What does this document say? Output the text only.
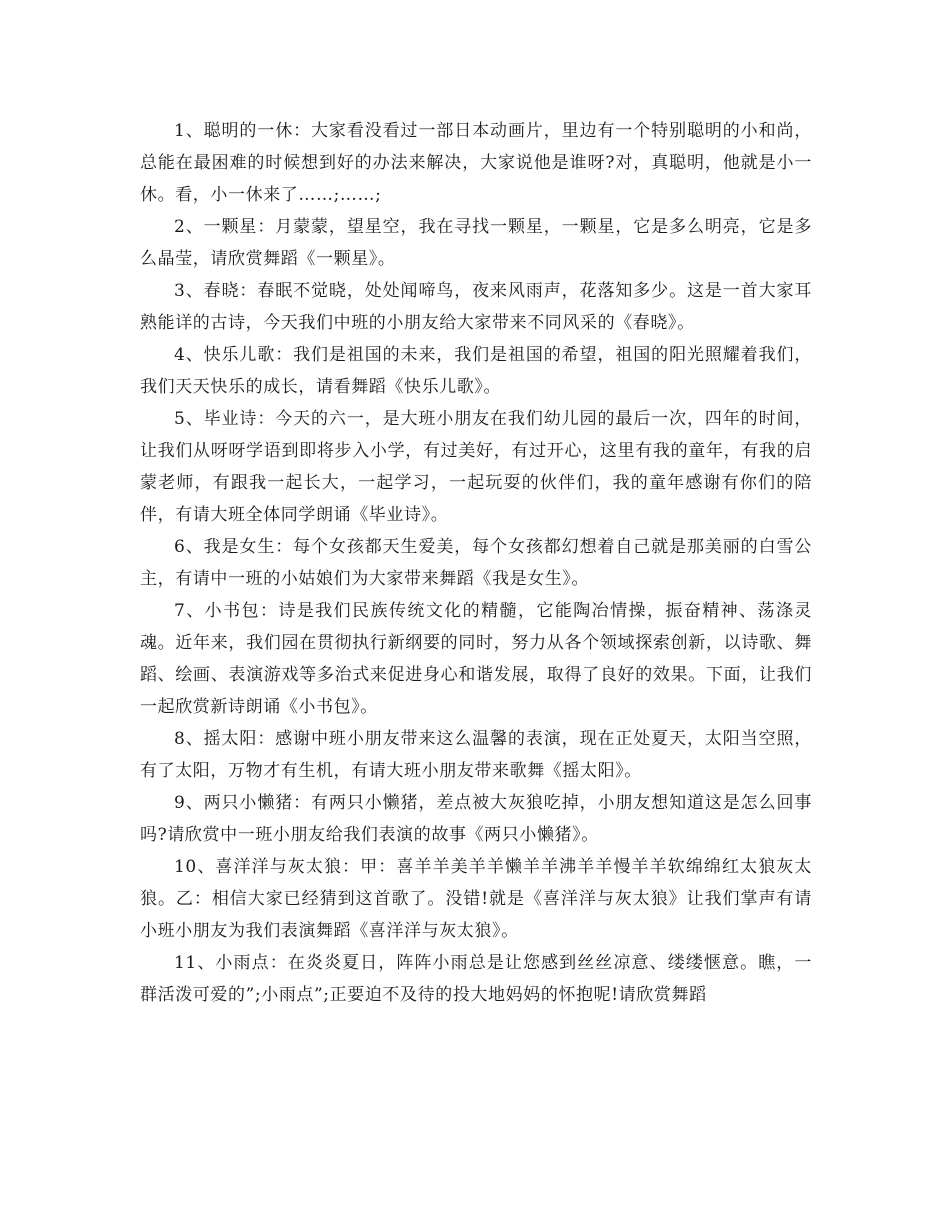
1、聪明的一休：大家看没看过一部日本动画片，里边有一个特别聪明的小和尚，总能在最困难的时候想到好的办法来解决，大家说他是谁呀?对，真聪明，他就是小一休。看，小一休来了……;……;

2、一颗星：月蒙蒙，望星空，我在寻找一颗星，一颗星，它是多么明亮，它是多么晶莹，请欣赏舞蹈《一颗星》。

3、春晓：春眠不觉晓，处处闻啼鸟，夜来风雨声，花落知多少。这是一首大家耳熟能详的古诗，今天我们中班的小朋友给大家带来不同风采的《春晓》。

4、快乐儿歌：我们是祖国的未来，我们是祖国的希望，祖国的阳光照耀着我们，我们天天快乐的成长，请看舞蹈《快乐儿歌》。

5、毕业诗：今天的六一，是大班小朋友在我们幼儿园的最后一次，四年的时间，让我们从呀呀学语到即将步入小学，有过美好，有过开心，这里有我的童年，有我的启蒙老师，有跟我一起长大，一起学习，一起玩耍的伙伴们，我的童年感谢有你们的陪伴，有请大班全体同学朗诵《毕业诗》。

6、我是女生：每个女孩都天生爱美，每个女孩都幻想着自己就是那美丽的白雪公主，有请中一班的小姑娘们为大家带来舞蹈《我是女生》。

7、小书包：诗是我们民族传统文化的精髓，它能陶冶情操，振奋精神、荡涤灵魂。近年来，我们园在贯彻执行新纲要的同时，努力从各个领域探索创新，以诗歌、舞蹈、绘画、表演游戏等多治式来促进身心和谐发展，取得了良好的效果。下面，让我们一起欣赏新诗朗诵《小书包》。

8、摇太阳：感谢中班小朋友带来这么温馨的表演，现在正处夏天，太阳当空照，有了太阳，万物才有生机，有请大班小朋友带来歌舞《摇太阳》。

9、两只小懒猪：有两只小懒猪，差点被大灰狼吃掉，小朋友想知道这是怎么回事吗?请欣赏中一班小朋友给我们表演的故事《两只小懒猪》。

10、喜洋洋与灰太狼：甲：喜羊羊美羊羊懒羊羊沸羊羊慢羊羊软绵绵红太狼灰太狼。乙：相信大家已经猜到这首歌了。没错!就是《喜洋洋与灰太狼》让我们掌声有请小班小朋友为我们表演舞蹈《喜洋洋与灰太狼》。

11、小雨点：在炎炎夏日，阵阵小雨总是让您感到丝丝凉意、缕缕惬意。瞧，一群活泼可爱的”;小雨点”;正要迫不及待的投大地妈妈的怀抱呢!请欣赏舞蹈
